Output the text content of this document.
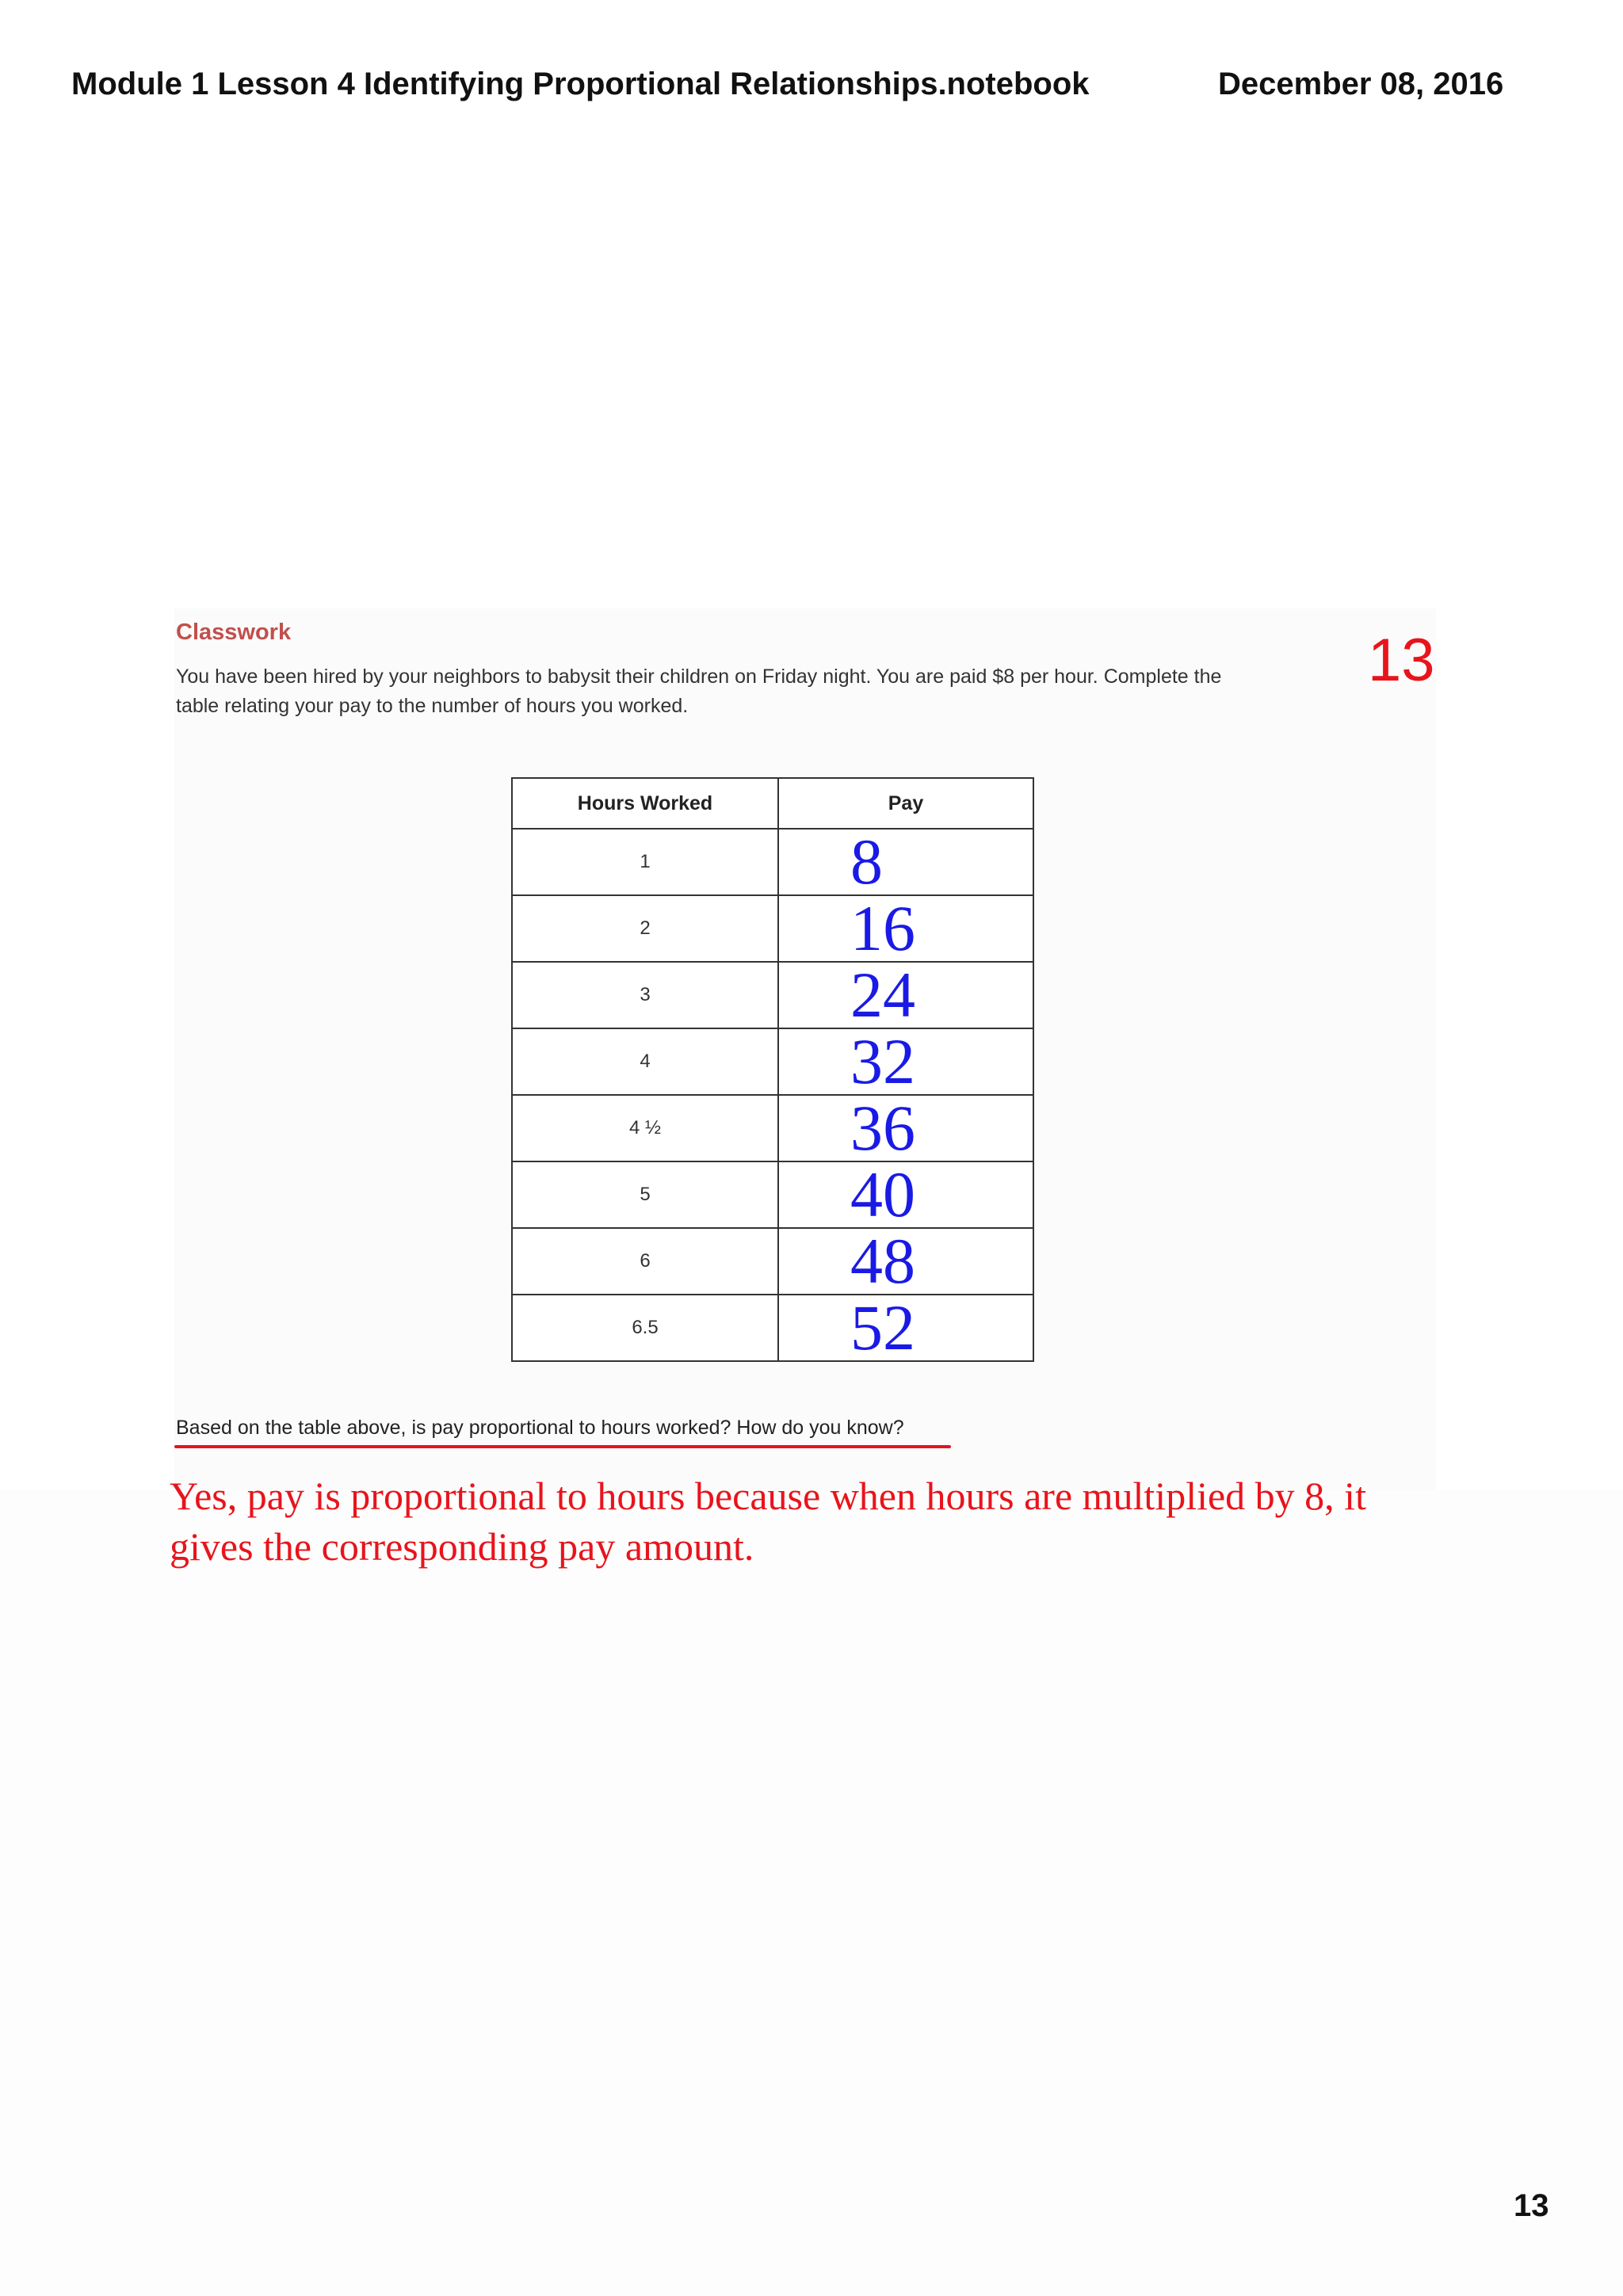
Module 1 Lesson 4 Identifying Proportional Relationships.notebook	December 08, 2016
Classwork
You have been hired by your neighbors to babysit their children on Friday night. You are paid $8 per hour. Complete the
table relating your pay to the number of hours you worked.
13
Hours Worked	Pay
1	8
2	16
3	24
4	32
4 ½	36
5	40
6	48
6.5	52
Based on the table above, is pay proportional to hours worked? How do you know?
Yes, pay is proportional to hours because when hours are multiplied by 8, it
gives the corresponding pay amount.
13
